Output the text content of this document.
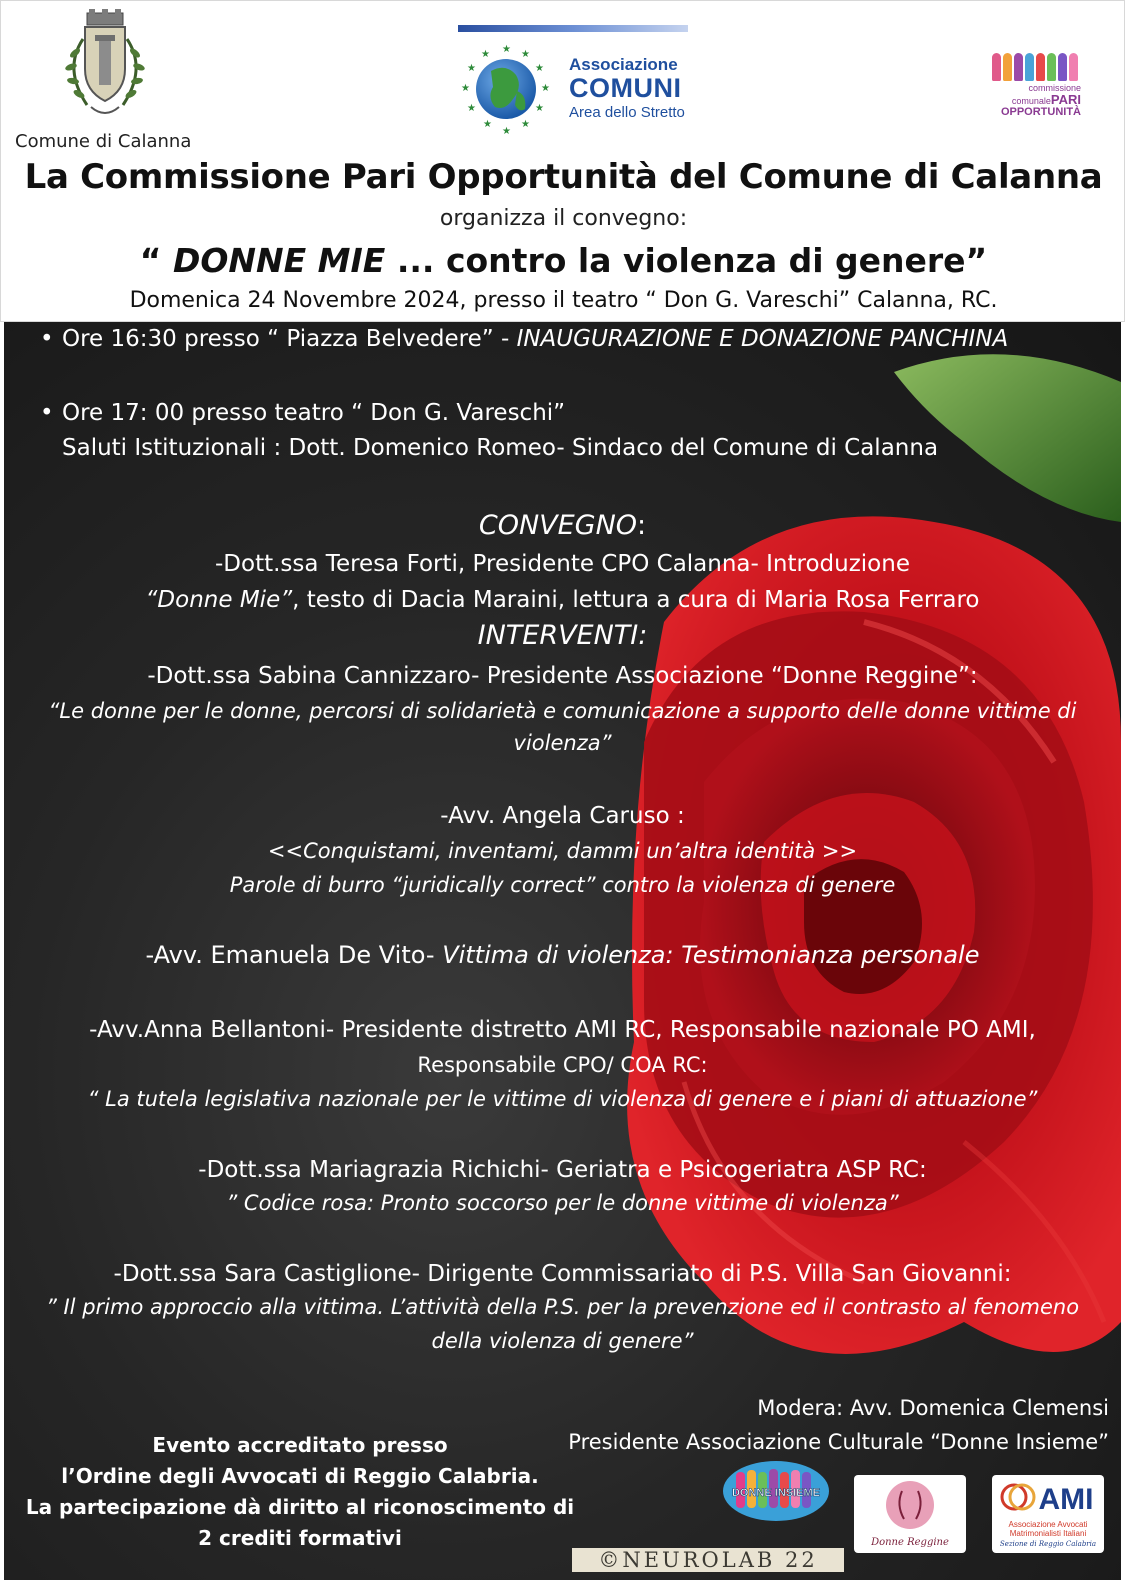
Comune di Calanna
★ ★
★
★
★
★
★
★
★
★
★
★
Associazione
COMUNI
Area dello Stretto
commissione
comunalePARI
OPPORTUNITÀ
La Commissione Pari Opportunità del Comune di Calanna
organizza il convegno:
“ DONNE MIE ... contro la violenza di genere”
Domenica 24 Novembre 2024, presso il teatro “ Don G. Vareschi” Calanna, RC.
• Ore 16:30 presso “ Piazza Belvedere” - INAUGURAZIONE E DONAZIONE PANCHINA
• Ore 17: 00 presso teatro “ Don G. Vareschi”
Saluti Istituzionali : Dott. Domenico Romeo- Sindaco del Comune di Calanna
CONVEGNO:
-Dott.ssa Teresa Forti, Presidente CPO Calanna- Introduzione
“Donne Mie”, testo di Dacia Maraini, lettura a cura di Maria Rosa Ferraro
INTERVENTI:
-Dott.ssa Sabina Cannizzaro- Presidente Associazione “Donne Reggine”:
“Le donne per le donne, percorsi di solidarietà e comunicazione a supporto delle donne vittime di
violenza”
-Avv. Angela Caruso :
<<Conquistami, inventami, dammi un’altra identità >>
Parole di burro “juridically correct” contro la violenza di genere
-Avv. Emanuela De Vito- Vittima di violenza: Testimonianza personale
-Avv.Anna Bellantoni- Presidente distretto AMI RC, Responsabile nazionale PO AMI,
Responsabile CPO/ COA RC:
“ La tutela legislativa nazionale per le vittime di violenza di genere e i piani di attuazione”
-Dott.ssa Mariagrazia Richichi- Geriatra e Psicogeriatra ASP RC:
” Codice rosa: Pronto soccorso per le donne vittime di violenza”
-Dott.ssa Sara Castiglione- Dirigente Commissariato di P.S. Villa San Giovanni:
” Il primo approccio alla vittima. L’attività della P.S. per la prevenzione ed il contrasto al fenomeno
della violenza di genere”
Modera: Avv. Domenica Clemensi
Presidente Associazione Culturale “Donne Insieme”
Evento accreditato presso
l’Ordine degli Avvocati di Reggio Calabria.
La partecipazione dà diritto al riconoscimento di
2 crediti formativi
DONNE INSIEME
Donne Reggine
AMI
Associazione Avvocati
Matrimonialisti Italiani
Sezione di Reggio Calabria
©NEUROLAB 22
